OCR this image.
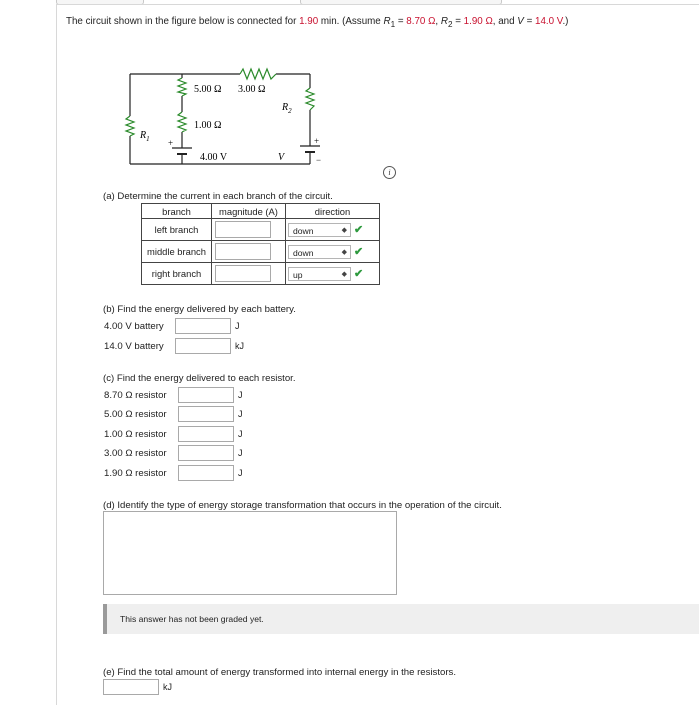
The circuit shown in the figure below is connected for 1.90 min. (Assume $R_1 = 8.70$ Ω, $R_2 = 1.90$ Ω, and V = 14.0 V.)
5.00 Ω 3.00 Ω
$R_2$
1.00 Ω
$R_1$ +
4.00 V	V
+
−
i
(a) Determine the current in each branch of the circuit.
branch	magnitude (A)	direction
left branch		down ◆ ✔

middle branch		down ◆ ✔

right branch		up ◆ ✔
(b) Find the energy delivered by each battery.
4.00 V battery	J
14.0 V battery	kJ
(c) Find the energy delivered to each resistor.
8.70 Ω resistor	J
5.00 Ω resistor	J
1.00 Ω resistor	J
3.00 Ω resistor	J
1.90 Ω resistor	J
(d) Identify the type of energy storage transformation that occurs in the operation of the circuit.
This answer has not been graded yet.
(e) Find the total amount of energy transformed into internal energy in the resistors.
kJ
